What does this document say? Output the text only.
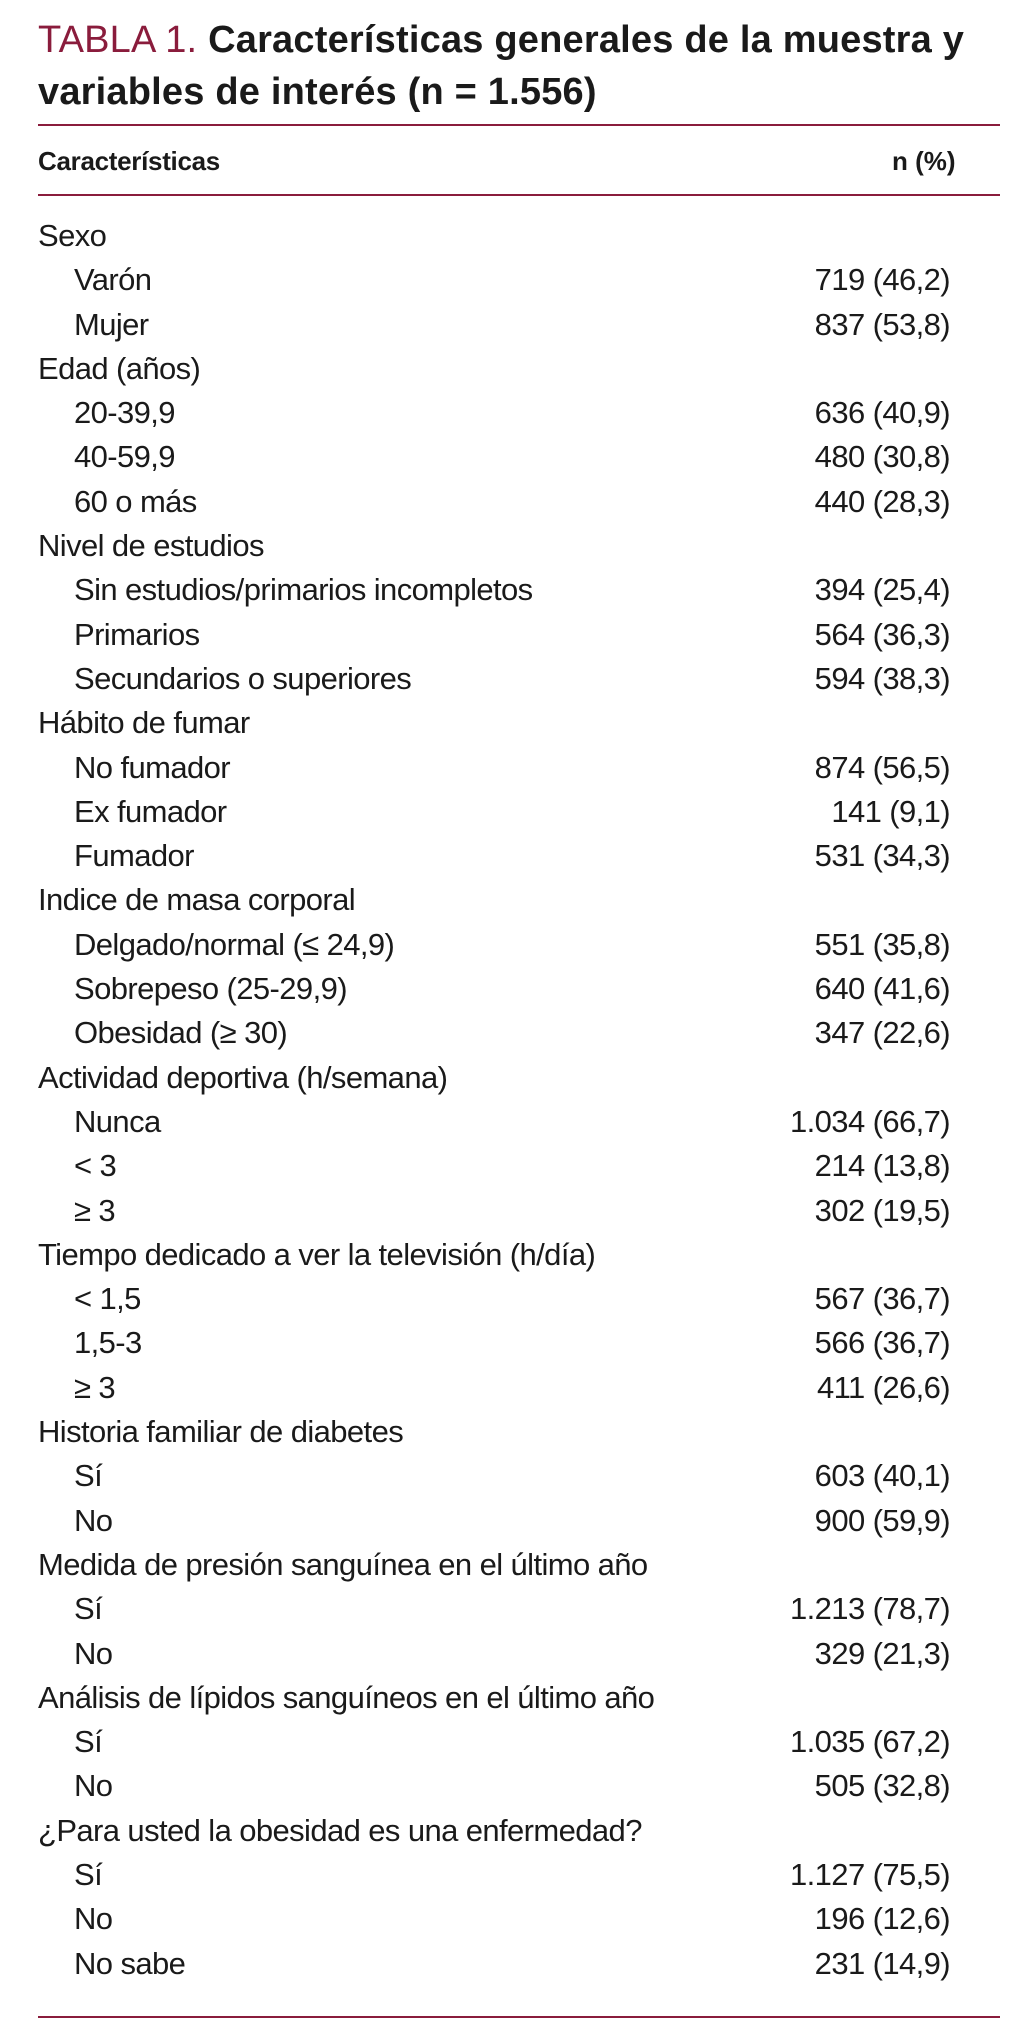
TABLA 1. Características generales de la muestra y variables de interés (n = 1.556)
Características	n (%)
Sexo
Varón	719 (46,2)
Mujer	837 (53,8)
Edad (años)
20-39,9	636 (40,9)
40-59,9	480 (30,8)
60 o más	440 (28,3)
Nivel de estudios
Sin estudios/primarios incompletos	394 (25,4)
Primarios	564 (36,3)
Secundarios o superiores	594 (38,3)
Hábito de fumar
No fumador	874 (56,5)
Ex fumador	141 (9,1)
Fumador	531 (34,3)
Indice de masa corporal
Delgado/normal (≤ 24,9)	551 (35,8)
Sobrepeso (25-29,9)	640 (41,6)
Obesidad (≥ 30)	347 (22,6)
Actividad deportiva (h/semana)
Nunca	1.034 (66,7)
< 3	214 (13,8)
≥ 3	302 (19,5)
Tiempo dedicado a ver la televisión (h/día)
< 1,5	567 (36,7)
1,5-3	566 (36,7)
≥ 3	411 (26,6)
Historia familiar de diabetes
Sí	603 (40,1)
No	900 (59,9)
Medida de presión sanguínea en el último año
Sí	1.213 (78,7)
No	329 (21,3)
Análisis de lípidos sanguíneos en el último año
Sí	1.035 (67,2)
No	505 (32,8)
¿Para usted la obesidad es una enfermedad?
Sí	1.127 (75,5)
No	196 (12,6)
No sabe	231 (14,9)
